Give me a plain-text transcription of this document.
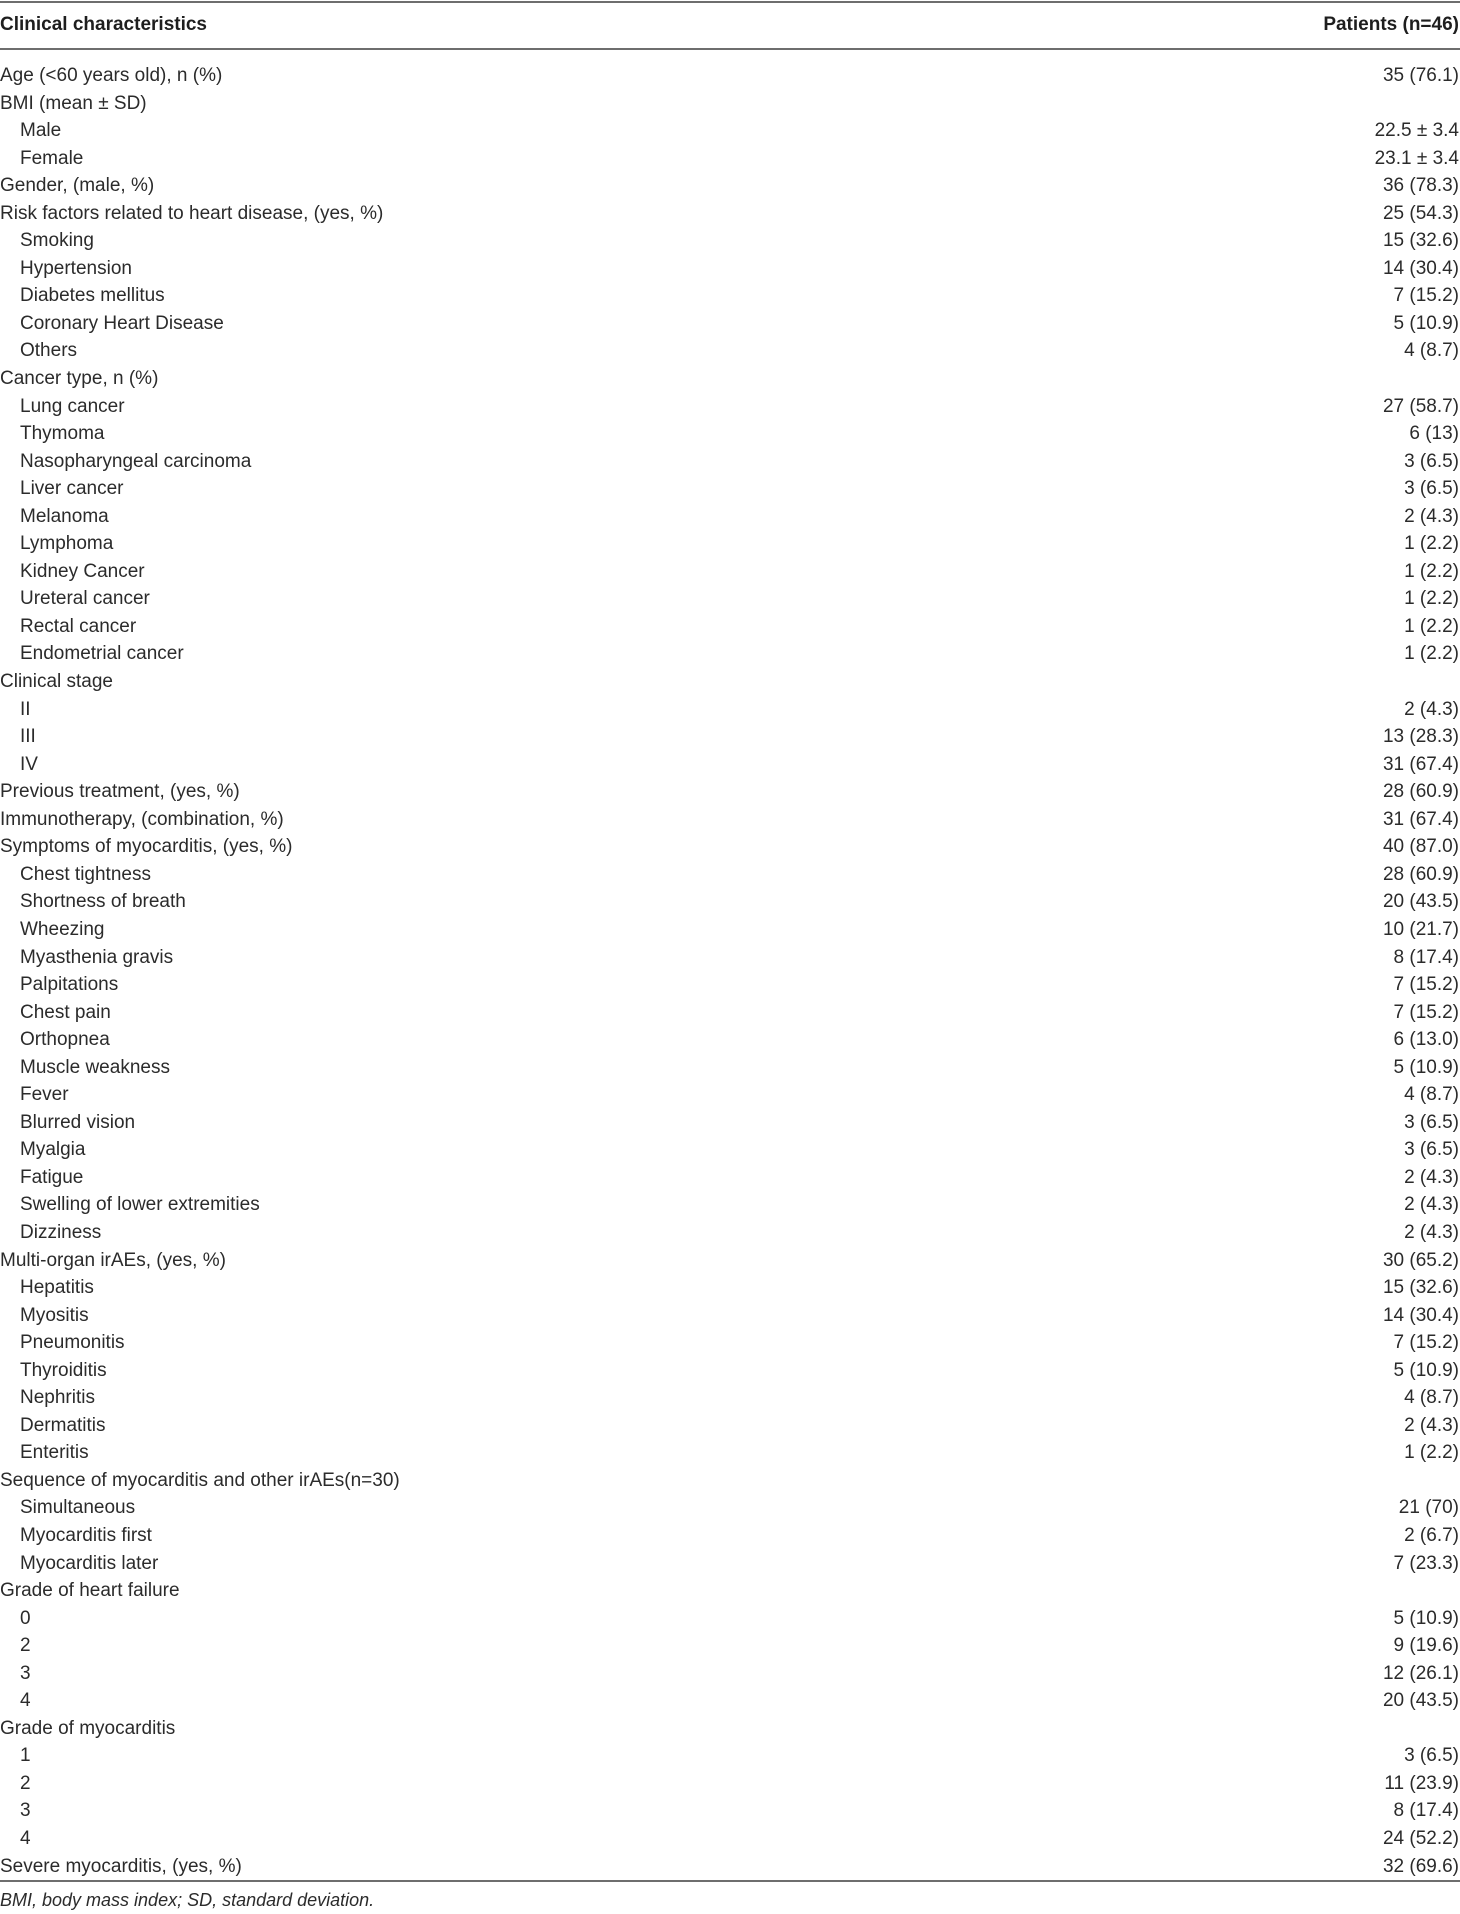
Clinical characteristics	Patients (n=46)
Age (<60 years old), n (%)	35 (76.1)
BMI (mean ± SD)
Male	22.5 ± 3.4
Female	23.1 ± 3.4
Gender, (male, %)	36 (78.3)
Risk factors related to heart disease, (yes, %)	25 (54.3)
Smoking	15 (32.6)
Hypertension	14 (30.4)
Diabetes mellitus	7 (15.2)
Coronary Heart Disease	5 (10.9)
Others	4 (8.7)
Cancer type, n (%)
Lung cancer	27 (58.7)
Thymoma	6 (13)
Nasopharyngeal carcinoma	3 (6.5)
Liver cancer	3 (6.5)
Melanoma	2 (4.3)
Lymphoma	1 (2.2)
Kidney Cancer	1 (2.2)
Ureteral cancer	1 (2.2)
Rectal cancer	1 (2.2)
Endometrial cancer	1 (2.2)
Clinical stage
II	2 (4.3)
III	13 (28.3)
IV	31 (67.4)
Previous treatment, (yes, %)	28 (60.9)
Immunotherapy, (combination, %)	31 (67.4)
Symptoms of myocarditis, (yes, %)	40 (87.0)
Chest tightness	28 (60.9)
Shortness of breath	20 (43.5)
Wheezing	10 (21.7)
Myasthenia gravis	8 (17.4)
Palpitations	7 (15.2)
Chest pain	7 (15.2)
Orthopnea	6 (13.0)
Muscle weakness	5 (10.9)
Fever	4 (8.7)
Blurred vision	3 (6.5)
Myalgia	3 (6.5)
Fatigue	2 (4.3)
Swelling of lower extremities	2 (4.3)
Dizziness	2 (4.3)
Multi-organ irAEs, (yes, %)	30 (65.2)
Hepatitis	15 (32.6)
Myositis	14 (30.4)
Pneumonitis	7 (15.2)
Thyroiditis	5 (10.9)
Nephritis	4 (8.7)
Dermatitis	2 (4.3)
Enteritis	1 (2.2)
Sequence of myocarditis and other irAEs(n=30)
Simultaneous	21 (70)
Myocarditis first	2 (6.7)
Myocarditis later	7 (23.3)
Grade of heart failure
0	5 (10.9)
2	9 (19.6)
3	12 (26.1)
4	20 (43.5)
Grade of myocarditis
1	3 (6.5)
2	11 (23.9)
3	8 (17.4)
4	24 (52.2)
Severe myocarditis, (yes, %)	32 (69.6)
BMI, body mass index; SD, standard deviation.
